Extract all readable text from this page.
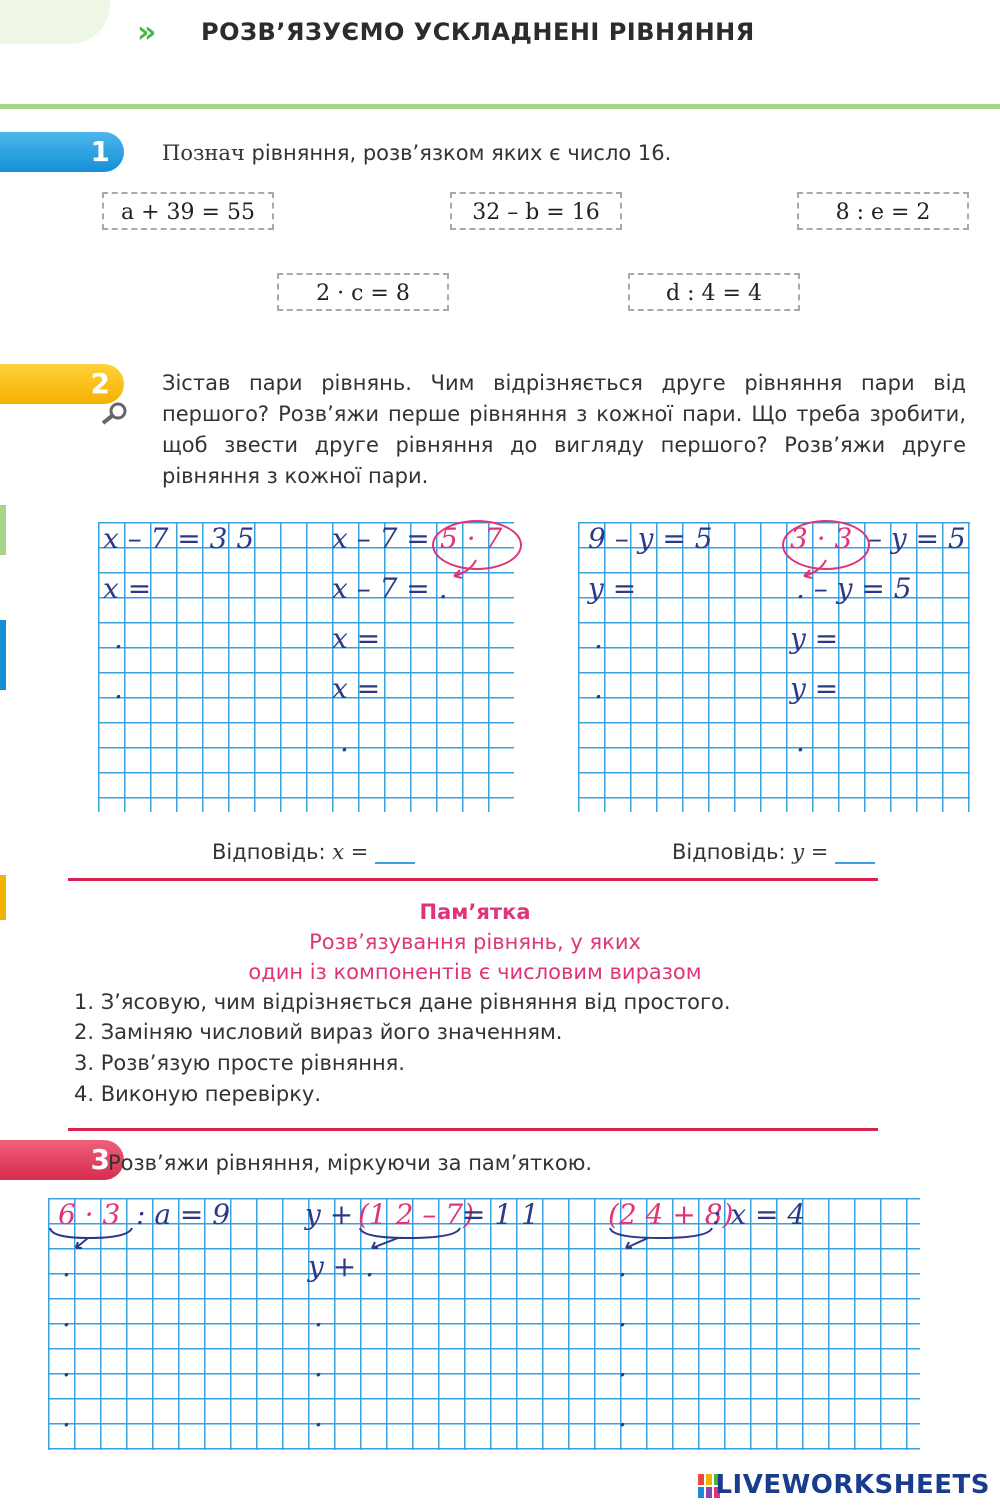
» РОЗВ’ЯЗУЄМО УСКЛАДНЕНІ РІВНЯННЯ
1 Познач рівняння, розв’язком яких є число 16.
a + 39 = 55	32 – b = 16	8 : e = 2
2 · c = 8	d : 4 = 4
2 Зістав пари рівнянь. Чим відрізняється друге рівняння пари від першого? Розв’яжи перше рівняння з кожної пари. Що треба зробити, щоб звести друге рівняння до вигляду першого? Розв’яжи друге рівняння з кожної пари.
x – 7 = 3 5
x =
.
.
x – 7 = 5 · 7
x – 7 = .
x =
x =
.
9 – y = 5
y =
.
.
3 · 3 – y = 5
. – y = 5
y =
y =
.
Відповідь: x =	Відповідь: y =
Пам’ятка
Розв’язування рівнянь, у яких
один із компонентів є числовим виразом
1. З’ясовую, чим відрізняється дане рівняння від простого.
2. Заміняю числовий вираз його значенням.
3. Розв’язую просте рівняння.
4. Виконую перевірку.
3
Розв’яжи рівняння, міркуючи за пам’яткою.
6 · 3 : a = 9
.
.
.
.
y + (1 2 – 7)
= 1 1
y + .
.
.
.
(2 4 + 8)
: x = 4
.
.
.
.
LIVEWORKSHEETS
